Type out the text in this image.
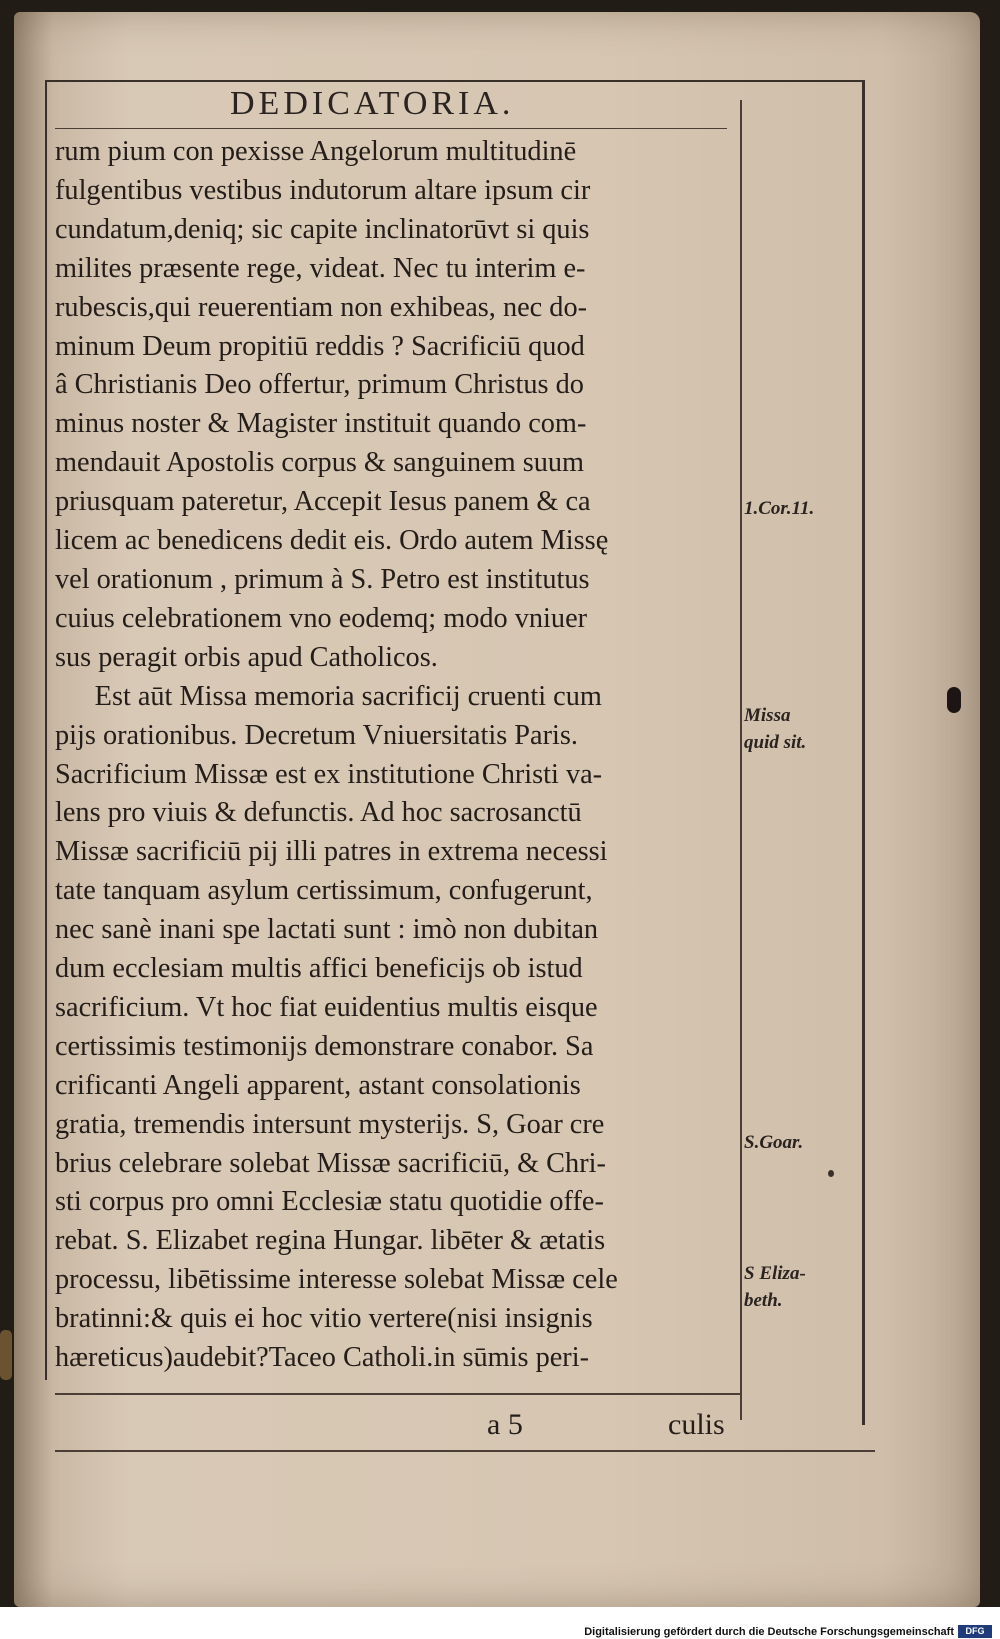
DEDICATORIA.
rum pium con pexisse Angelorum multitudinē
fulgentibus vestibus indutorum altare ipsum cir
cundatum,deniq; sic capite inclinatorūvt si quis
milites præsente rege, videat. Nec tu interim e-
rubescis,qui reuerentiam non exhibeas, nec do-
minum Deum propitiū reddis ? Sacrificiū quod
â Christianis Deo offertur, primum Christus do
minus noster & Magister instituit quando com-
mendauit Apostolis corpus & sanguinem suum
priusquam pateretur, Accepit Iesus panem & ca
licem ac benedicens dedit eis. Ordo autem Missę
vel orationum , primum à S. Petro est institutus
cuius celebrationem vno eodemq; modo vniuer
sus peragit orbis apud Catholicos.
Est aūt Missa memoria sacrificij cruenti cum
pijs orationibus. Decretum Vniuersitatis Paris.
Sacrificium Missæ est ex institutione Christi va-
lens pro viuis & defunctis. Ad hoc sacrosanctū
Missæ sacrificiū pij illi patres in extrema necessi
tate tanquam asylum certissimum, confugerunt,
nec sanè inani spe lactati sunt : imò non dubitan
dum ecclesiam multis affici beneficijs ob istud
sacrificium. Vt hoc fiat euidentius multis eisque
certissimis testimonijs demonstrare conabor. Sa
crificanti Angeli apparent, astant consolationis
gratia, tremendis intersunt mysterijs. S, Goar cre
brius celebrare solebat Missæ sacrificiū, & Chri-
sti corpus pro omni Ecclesiæ statu quotidie offe-
rebat. S. Elizabet regina Hungar. libēter & ætatis
processu, libētissime interesse solebat Missæ cele
bratinni:& quis ei hoc vitio vertere(nisi insignis
hæreticus)audebit?Taceo Catholi.in sūmis peri-
1.Cor.11.
Missa
quid sit.
S.Goar.
S Eliza-
beth.
a 5	culis
Digitalisierung gefördert durch die Deutsche Forschungsgemeinschaft	DFG
